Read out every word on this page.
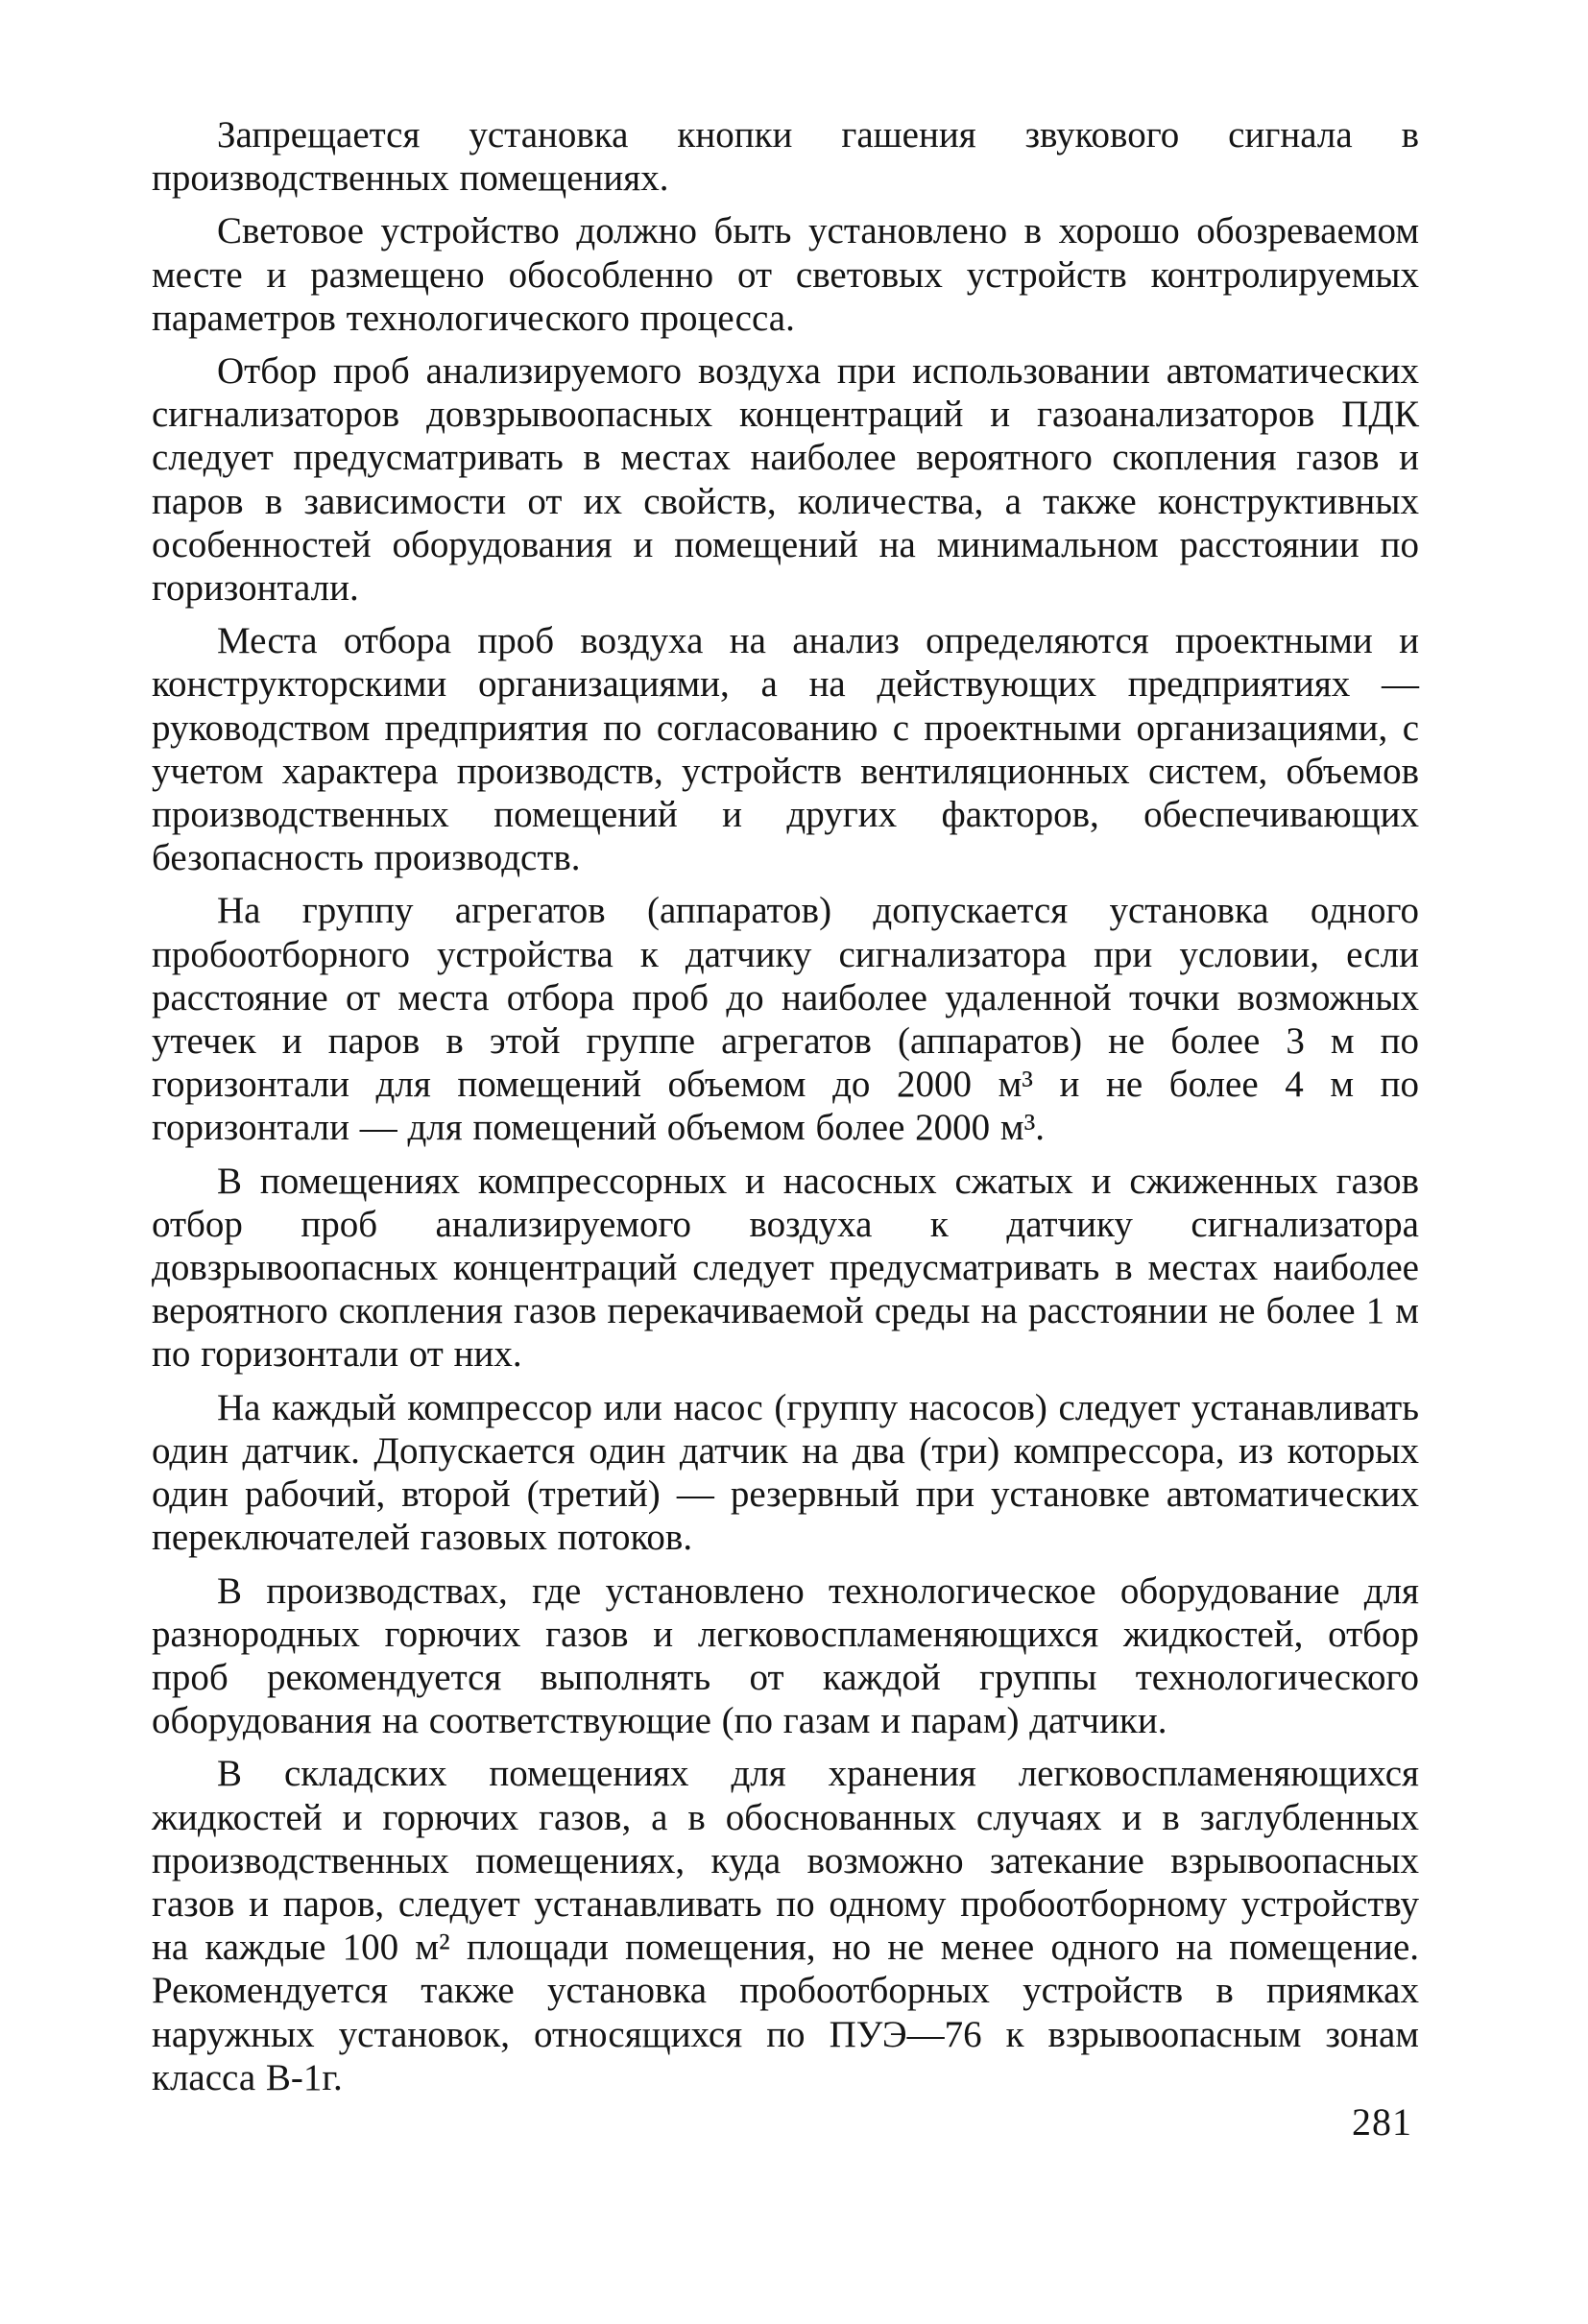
Запрещается установка кнопки гашения звукового сигнала в производственных помещениях.

Световое устройство должно быть установлено в хорошо обозреваемом месте и размещено обособленно от световых устройств контролируемых параметров технологического процесса.

Отбор проб анализируемого воздуха при использовании автоматических сигнализаторов довзрывоопасных концентраций и газоанализаторов ПДК следует предусматривать в местах наиболее вероятного скопления газов и паров в зависимости от их свойств, количества, а также конструктивных особенностей оборудования и помещений на минимальном расстоянии по горизонтали.

Места отбора проб воздуха на анализ определяются проектными и конструкторскими организациями, а на действующих предприятиях — руководством предприятия по согласованию с проектными организациями, с учетом характера производств, устройств вентиляционных систем, объемов производственных помещений и других факторов, обеспечивающих безопасность производств.

На группу агрегатов (аппаратов) допускается установка одного пробоотборного устройства к датчику сигнализатора при условии, если расстояние от места отбора проб до наиболее удаленной точки возможных утечек и паров в этой группе агрегатов (аппаратов) не более 3 м по горизонтали для помещений объемом до 2000 м³ и не более 4 м по горизонтали — для помещений объемом более 2000 м³.

В помещениях компрессорных и насосных сжатых и сжиженных газов отбор проб анализируемого воздуха к датчику сигнализатора довзрывоопасных концентраций следует предусматривать в местах наиболее вероятного скопления газов перекачиваемой среды на расстоянии не более 1 м по горизонтали от них.

На каждый компрессор или насос (группу насосов) следует устанавливать один датчик. Допускается один датчик на два (три) компрессора, из которых один рабочий, второй (третий) — резервный при установке автоматических переключателей газовых потоков.

В производствах, где установлено технологическое оборудование для разнородных горючих газов и легковоспламеняющихся жидкостей, отбор проб рекомендуется выполнять от каждой группы технологического оборудования на соответствующие (по газам и парам) датчики.

В складских помещениях для хранения легковоспламеняющихся жидкостей и горючих газов, а в обоснованных случаях и в заглубленных производственных помещениях, куда возможно затекание взрывоопасных газов и паров, следует устанавливать по одному пробоотборному устройству на каждые 100 м² площади помещения, но не менее одного на помещение. Рекомендуется также установка пробоотборных устройств в приямках наружных установок, относящихся по ПУЭ—76 к взрывоопасным зонам класса В-1г.

281
